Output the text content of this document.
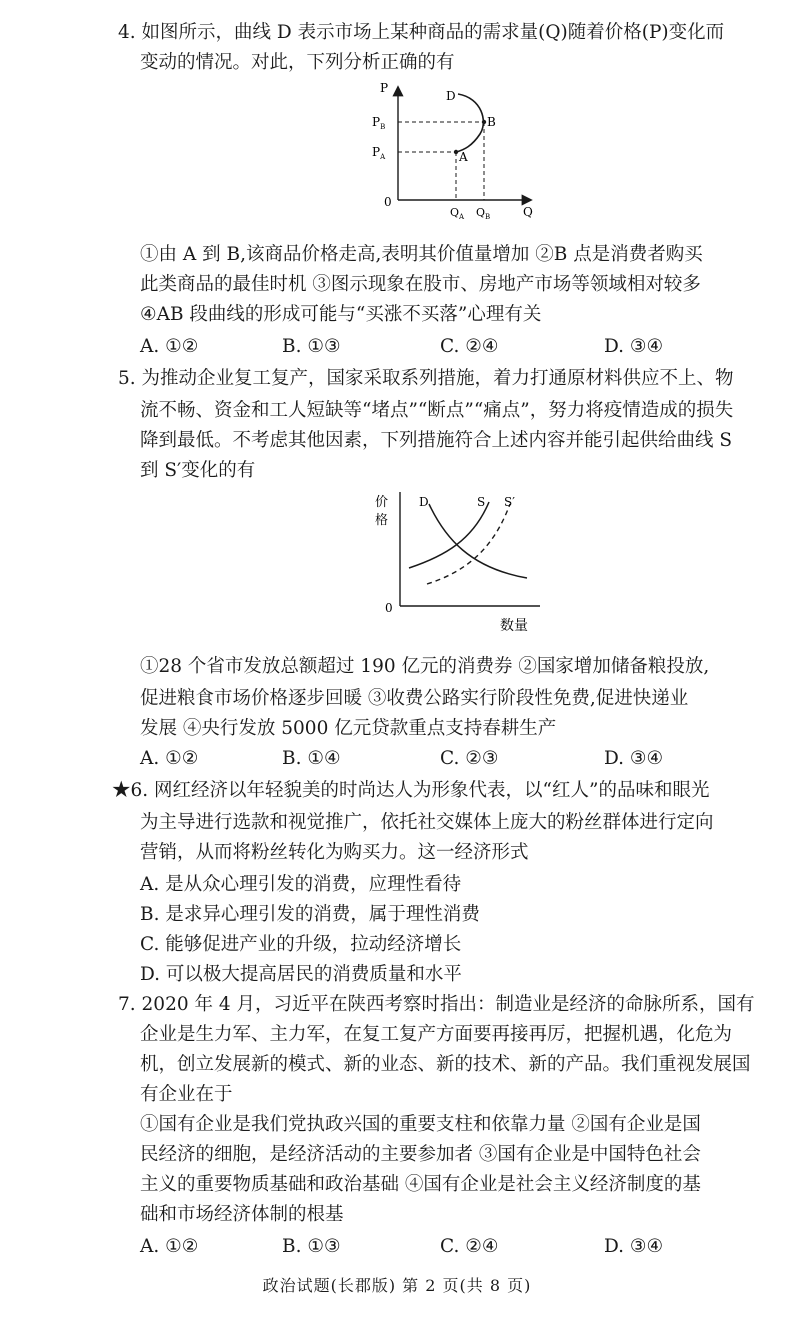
4. 如图所示，曲线 D 表示市场上某种商品的需求量(Q)随着价格(P)变化而
变动的情况。对此，下列分析正确的有
P
$P_B$
$P_A$
0
D
B
A
$Q_A$ $Q_B$	Q
①由 A 到 B,该商品价格走高,表明其价值量增加 ②B 点是消费者购买
此类商品的最佳时机 ③图示现象在股市、房地产市场等领域相对较多
④AB 段曲线的形成可能与“买涨不买落”心理有关
A. ①②	B. ①③	C. ②④	D. ③④
5. 为推动企业复工复产，国家采取系列措施，着力打通原材料供应不上、物
流不畅、资金和工人短缺等“堵点”“断点”“痛点”，努力将疫情造成的损失
降到最低。不考虑其他因素，下列措施符合上述内容并能引起供给曲线 S
到 S′变化的有
价
格
0
D	S S′
数量
①28 个省市发放总额超过 190 亿元的消费券 ②国家增加储备粮投放,
促进粮食市场价格逐步回暖 ③收费公路实行阶段性免费,促进快递业
发展 ④央行发放 5000 亿元贷款重点支持春耕生产
A. ①②	B. ①④	C. ②③	D. ③④
★6. 网红经济以年轻貌美的时尚达人为形象代表，以“红人”的品味和眼光
为主导进行选款和视觉推广，依托社交媒体上庞大的粉丝群体进行定向
营销，从而将粉丝转化为购买力。这一经济形式
A. 是从众心理引发的消费，应理性看待
B. 是求异心理引发的消费，属于理性消费
C. 能够促进产业的升级，拉动经济增长
D. 可以极大提高居民的消费质量和水平
7. 2020 年 4 月，习近平在陕西考察时指出：制造业是经济的命脉所系，国有
企业是生力军、主力军，在复工复产方面要再接再厉，把握机遇，化危为
机，创立发展新的模式、新的业态、新的技术、新的产品。我们重视发展国
有企业在于
①国有企业是我们党执政兴国的重要支柱和依靠力量 ②国有企业是国
民经济的细胞，是经济活动的主要参加者 ③国有企业是中国特色社会
主义的重要物质基础和政治基础 ④国有企业是社会主义经济制度的基
础和市场经济体制的根基
A. ①②	B. ①③	C. ②④	D. ③④
政治试题(长郡版) 第 2 页(共 8 页)
